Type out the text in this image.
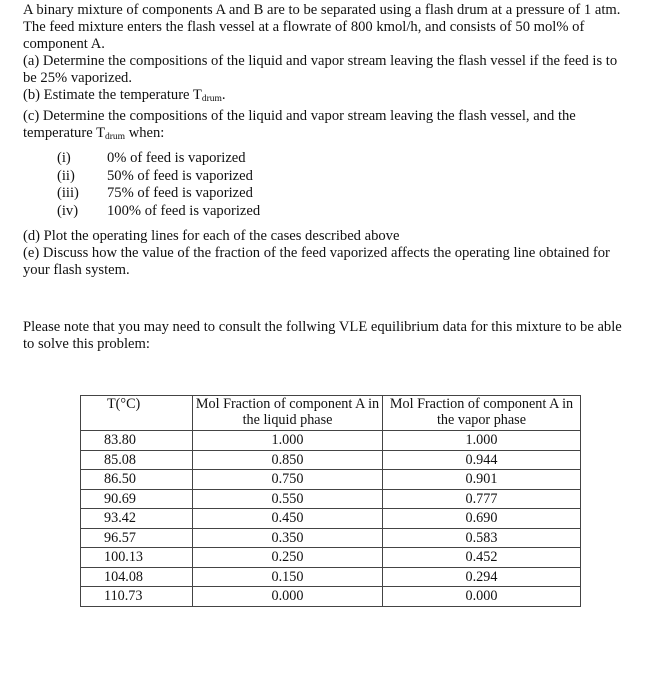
A binary mixture of components A and B are to be separated using a flash drum at a pressure of 1 atm. The feed mixture enters the flash vessel at a flowrate of 800 kmol/h, and consists of 50 mol% of component A.

(a) Determine the compositions of the liquid and vapor stream leaving the flash vessel if the feed is to be 25% vaporized.

(b) Estimate the temperature $T_{drum}$.

(c) Determine the compositions of the liquid and vapor stream leaving the flash vessel, and the temperature $T_{drum}$ when:

(i)	0% of feed is vaporized
(ii)	50% of feed is vaporized
(iii)	75% of feed is vaporized
(iv)	100% of feed is vaporized

(d) Plot the operating lines for each of the cases described above

(e) Discuss how the value of the fraction of the feed vaporized affects the operating line obtained for your flash system.

Please note that you may need to consult the follwing VLE equilibrium data for this mixture to be able to solve this problem:

T(°C)	Mol Fraction of component A in the liquid phase	Mol Fraction of component A in the vapor phase
83.80	1.000	1.000
85.08	0.850	0.944
86.50	0.750	0.901
90.69	0.550	0.777
93.42	0.450	0.690
96.57	0.350	0.583
100.13	0.250	0.452
104.08	0.150	0.294
110.73	0.000	0.000
